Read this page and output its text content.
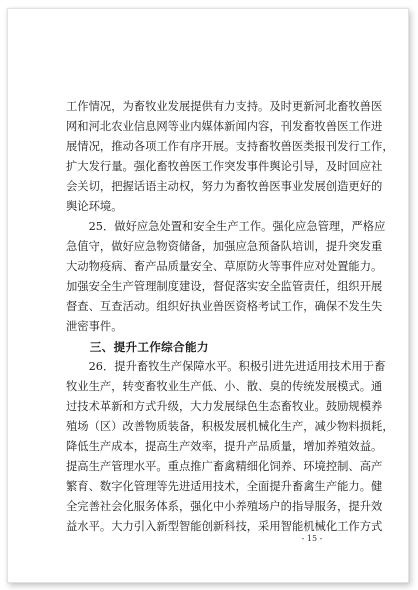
工作情况，为畜牧业发展提供有力支持。及时更新河北畜牧兽医
网和河北农业信息网等业内媒体新闻内容，刊发畜牧兽医工作进
展情况，推动各项工作有序开展。支持畜牧兽医类报刊发行工作，
扩大发行量。强化畜牧兽医工作突发事件舆论引导，及时回应社
会关切，把握话语主动权，努力为畜牧兽医事业发展创造更好的
舆论环境。
　　25．做好应急处置和安全生产工作。强化应急管理，严格应
急值守，做好应急物资储备，加强应急预备队培训，提升突发重
大动物疫病、畜产品质量安全、草原防火等事件应对处置能力。
加强安全生产管理制度建设，督促落实安全监管责任，组织开展
督查、互查活动。组织好执业兽医资格考试工作，确保不发生失
泄密事件。
　　三、提升工作综合能力
　　26．提升畜牧生产保障水平。积极引进先进适用技术用于畜
牧业生产，转变畜牧业生产低、小、散、臭的传统发展模式。通
过技术革新和方式升级，大力发展绿色生态畜牧业。鼓励规模养
殖场（区）改善物质装备，积极发展机械化生产，减少物料损耗，
降低生产成本，提高生产效率，提升产品质量，增加养殖效益。
提高生产管理水平。重点推广畜禽精细化饲养、环境控制、高产
繁育、数字化管理等先进适用技术，全面提升畜禽生产能力。健
全完善社会化服务体系，强化中小养殖场户的指导服务，提升效
益水平。大力引入新型智能创新科技，采用智能机械化工作方式
- 15 -
